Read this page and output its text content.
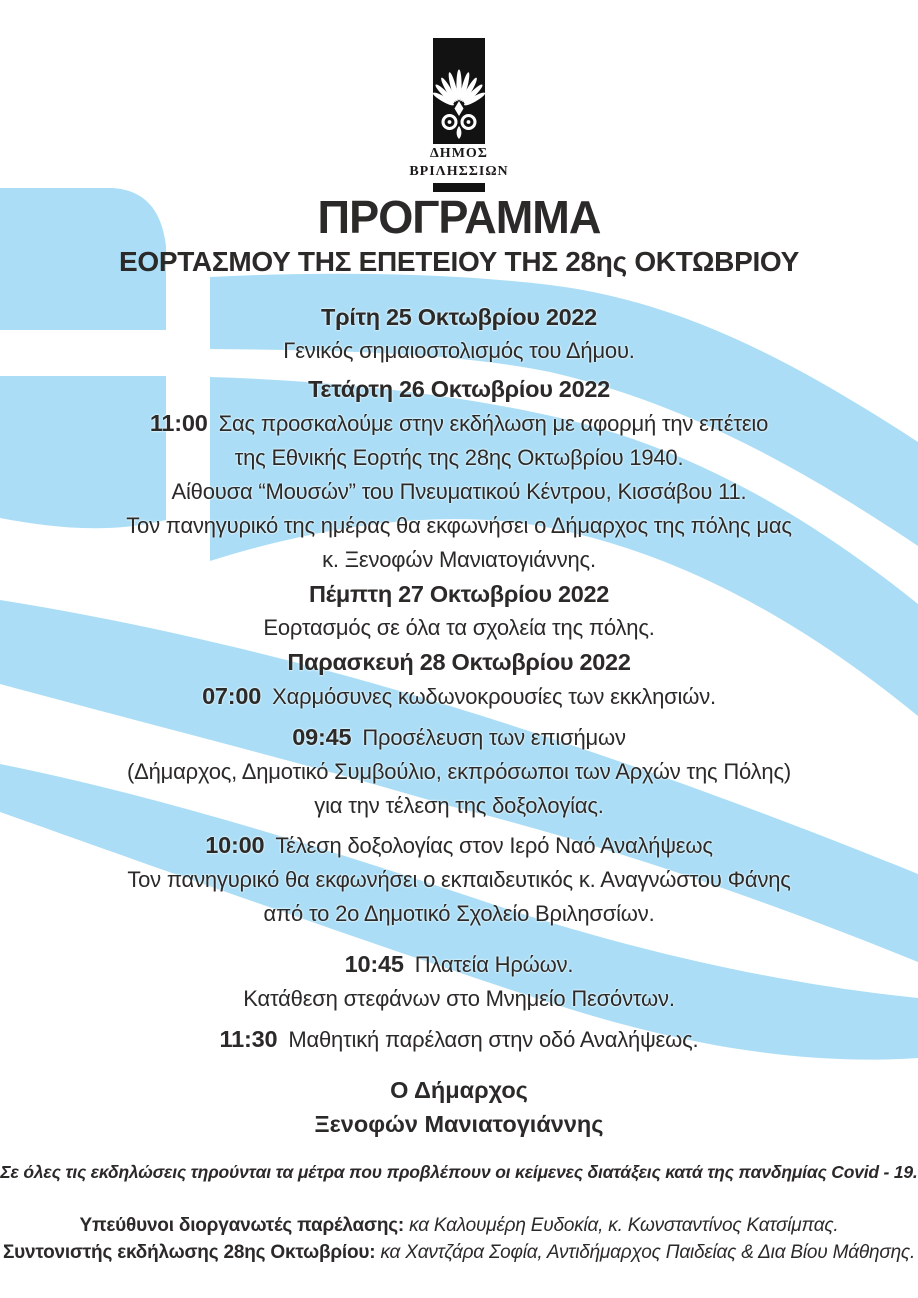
ΔΗΜΟΣ
ΒΡΙΛΗΣΣΙΩΝ
ΠΡΟΓΡΑΜΜΑ
ΕΟΡΤΑΣΜΟΥ ΤΗΣ ΕΠΕΤΕΙΟΥ ΤΗΣ 28ης ΟΚΤΩΒΡΙΟΥ
Τρίτη 25 Οκτωβρίου 2022
Γενικός σημαιοστολισμός του Δήμου.
Τετάρτη 26 Οκτωβρίου 2022
11:00 Σας προσκαλούμε στην εκδήλωση με αφορμή την επέτειο
της Εθνικής Εορτής της 28ης Οκτωβρίου 1940.
Αίθουσα “Μουσών” του Πνευματικού Κέντρου, Κισσάβου 11.
Τον πανηγυρικό της ημέρας θα εκφωνήσει ο Δήμαρχος της πόλης μας
κ. Ξενοφών Μανιατογιάννης.
Πέμπτη 27 Οκτωβρίου 2022
Εορτασμός σε όλα τα σχολεία της πόλης.
Παρασκευή 28 Οκτωβρίου 2022
07:00 Χαρμόσυνες κωδωνοκρουσίες των εκκλησιών.
09:45 Προσέλευση των επισήμων
(Δήμαρχος, Δημοτικό Συμβούλιο, εκπρόσωποι των Αρχών της Πόλης)
για την τέλεση της δοξολογίας.
10:00 Τέλεση δοξολογίας στον Ιερό Ναό Αναλήψεως
Τον πανηγυρικό θα εκφωνήσει ο εκπαιδευτικός κ. Αναγνώστου Φάνης
από το 2ο Δημοτικό Σχολείο Βριλησσίων.
10:45 Πλατεία Ηρώων.
Κατάθεση στεφάνων στο Μνημείο Πεσόντων.
11:30 Μαθητική παρέλαση στην οδό Αναλήψεως.
Ο Δήμαρχος
Ξενοφών Μανιατογιάννης
Σε όλες τις εκδηλώσεις τηρούνται τα μέτρα που προβλέπουν οι κείμενες διατάξεις κατά της πανδημίας Covid - 19.
Υπεύθυνοι διοργανωτές παρέλασης: κα Καλουμέρη Ευδοκία, κ. Κωνσταντίνος Κατσίμπας.
Συντονιστής εκδήλωσης 28ης Οκτωβρίου: κα Χαντζάρα Σοφία, Αντιδήμαρχος Παιδείας & Δια Βίου Μάθησης.
